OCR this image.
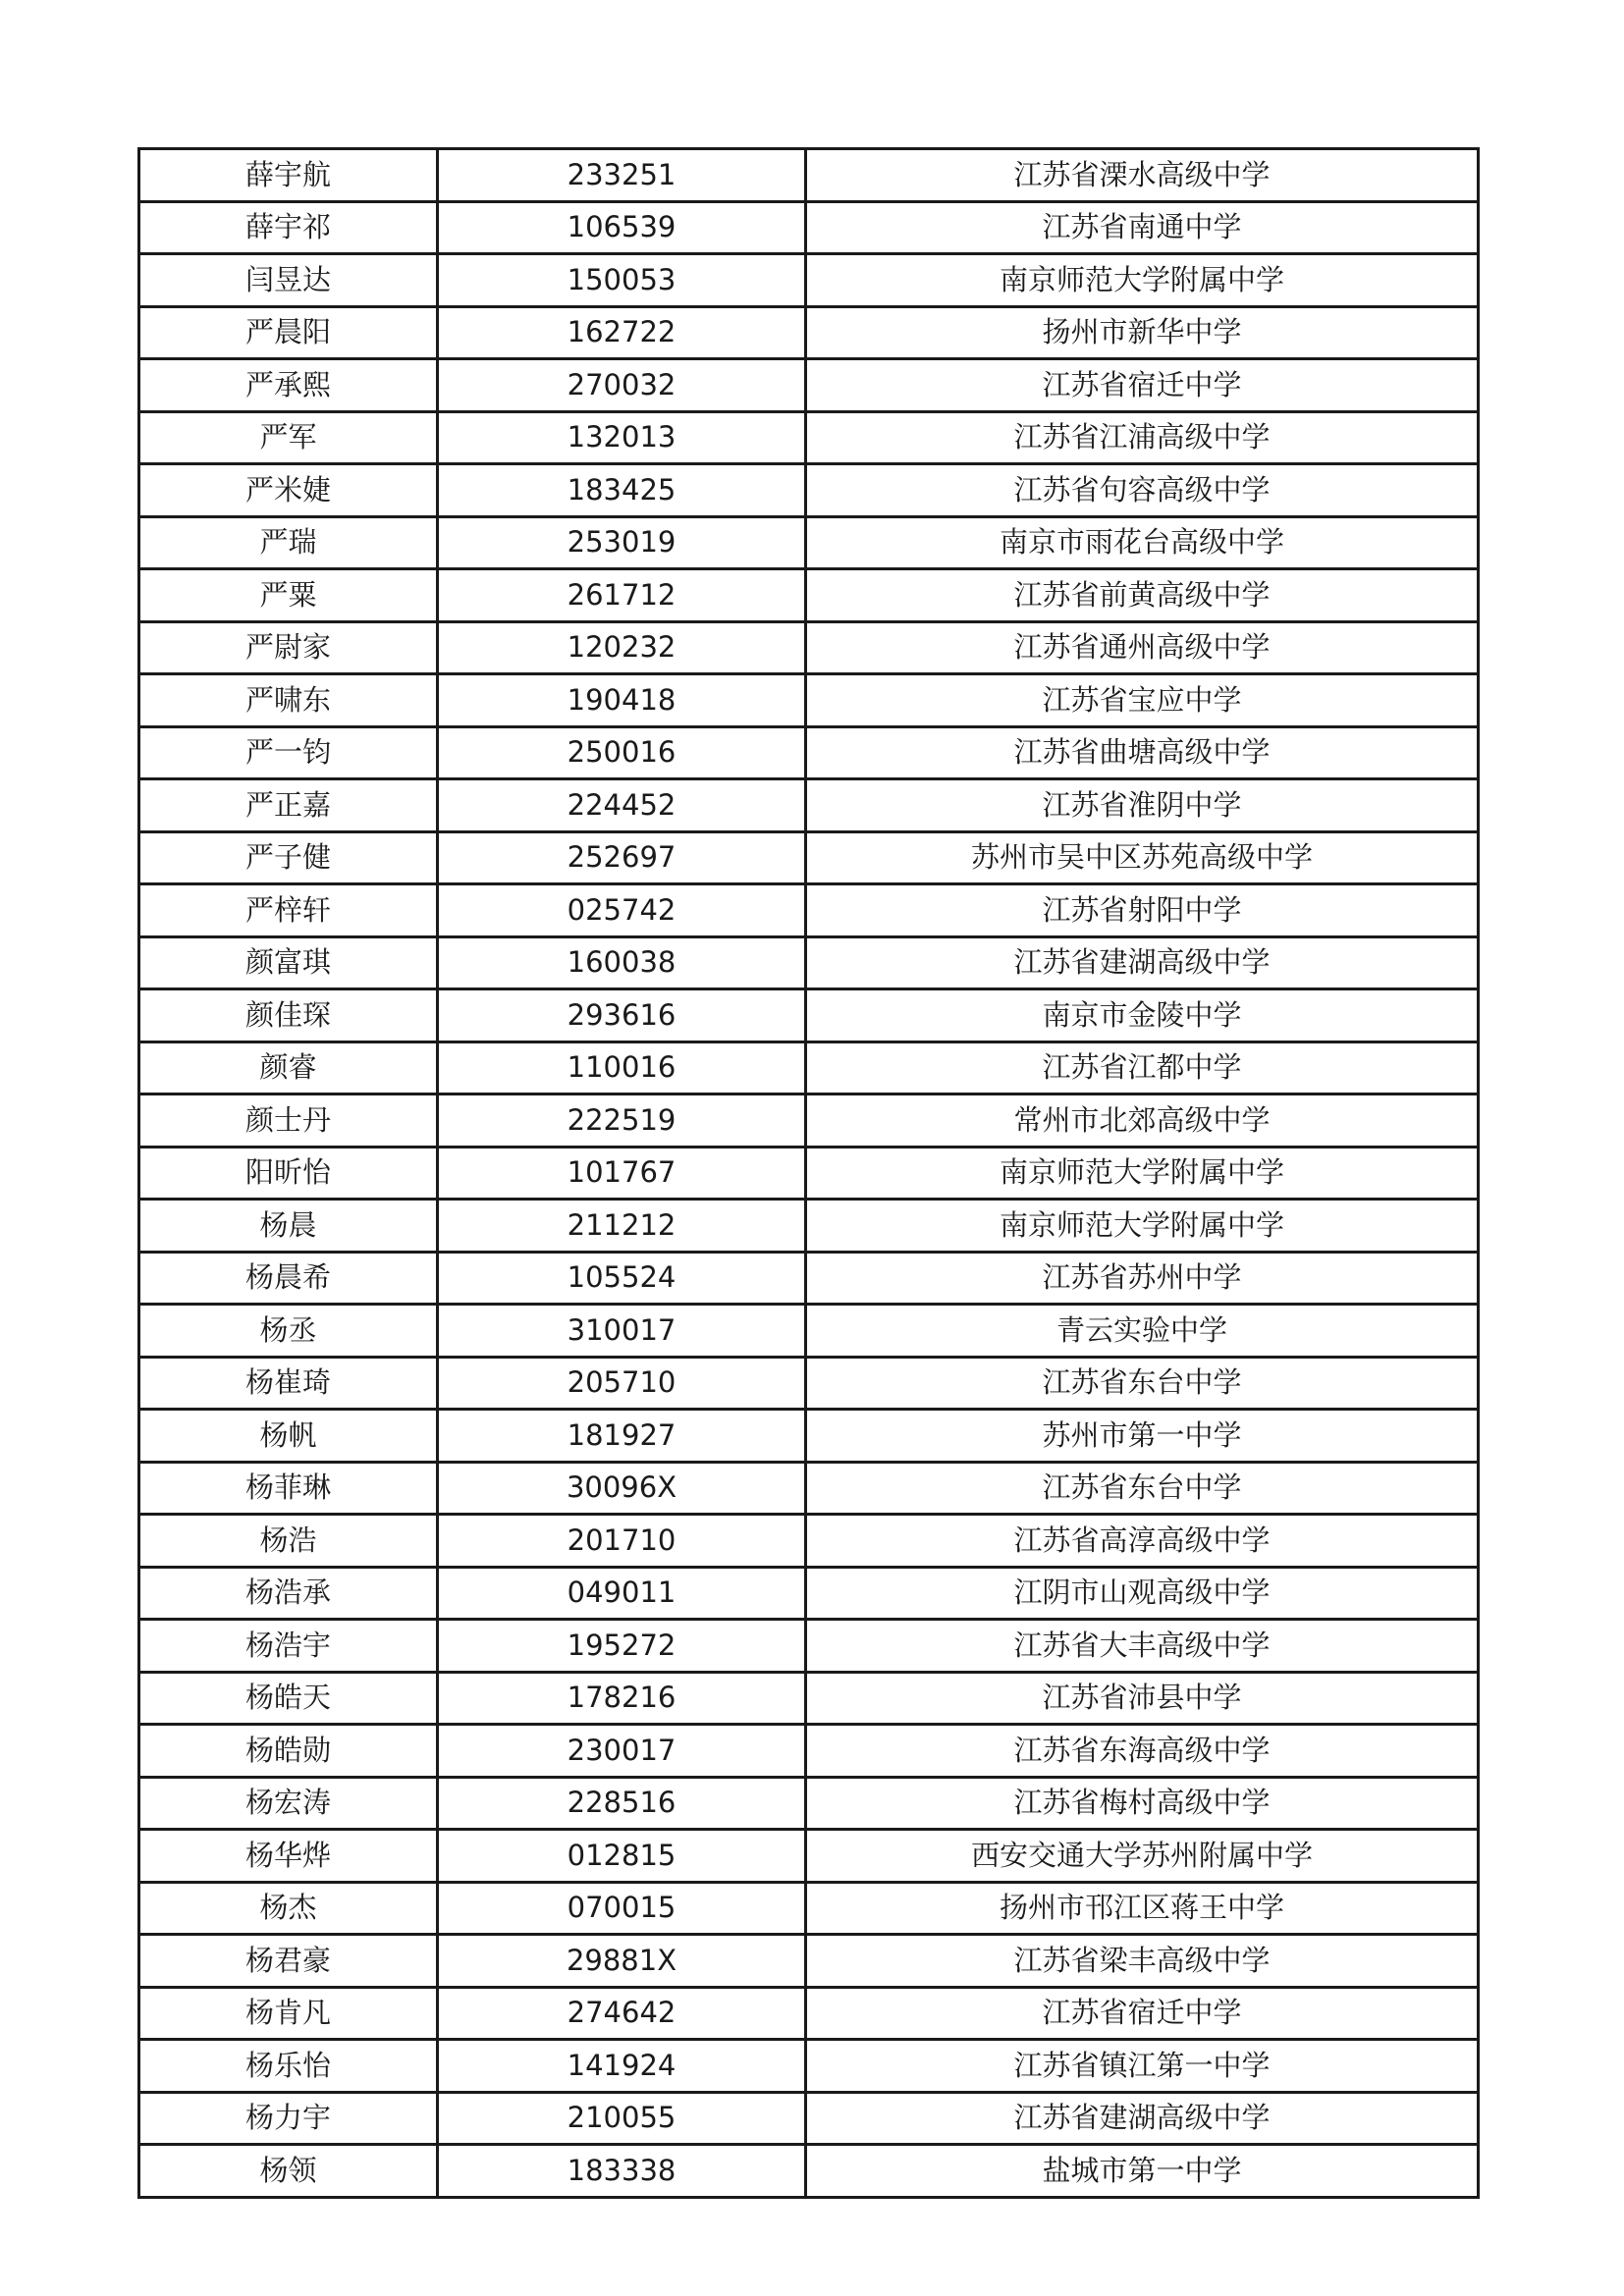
薛宇航	233251	江苏省溧水高级中学
薛宇祁	106539	江苏省南通中学
闫昱达	150053	南京师范大学附属中学
严晨阳	162722	扬州市新华中学
严承熙	270032	江苏省宿迁中学
严军	132013	江苏省江浦高级中学
严米婕	183425	江苏省句容高级中学
严瑞	253019	南京市雨花台高级中学
严粟	261712	江苏省前黄高级中学
严尉家	120232	江苏省通州高级中学
严啸东	190418	江苏省宝应中学
严一钧	250016	江苏省曲塘高级中学
严正嘉	224452	江苏省淮阴中学
严子健	252697	苏州市吴中区苏苑高级中学
严梓轩	025742	江苏省射阳中学
颜富琪	160038	江苏省建湖高级中学
颜佳琛	293616	南京市金陵中学
颜睿	110016	江苏省江都中学
颜士丹	222519	常州市北郊高级中学
阳昕怡	101767	南京师范大学附属中学
杨晨	211212	南京师范大学附属中学
杨晨希	105524	江苏省苏州中学
杨丞	310017	青云实验中学
杨崔琦	205710	江苏省东台中学
杨帆	181927	苏州市第一中学
杨菲琳	30096X	江苏省东台中学
杨浩	201710	江苏省高淳高级中学
杨浩承	049011	江阴市山观高级中学
杨浩宇	195272	江苏省大丰高级中学
杨皓天	178216	江苏省沛县中学
杨皓勋	230017	江苏省东海高级中学
杨宏涛	228516	江苏省梅村高级中学
杨华烨	012815	西安交通大学苏州附属中学
杨杰	070015	扬州市邗江区蒋王中学
杨君豪	29881X	江苏省梁丰高级中学
杨肯凡	274642	江苏省宿迁中学
杨乐怡	141924	江苏省镇江第一中学
杨力宇	210055	江苏省建湖高级中学
杨领	183338	盐城市第一中学
